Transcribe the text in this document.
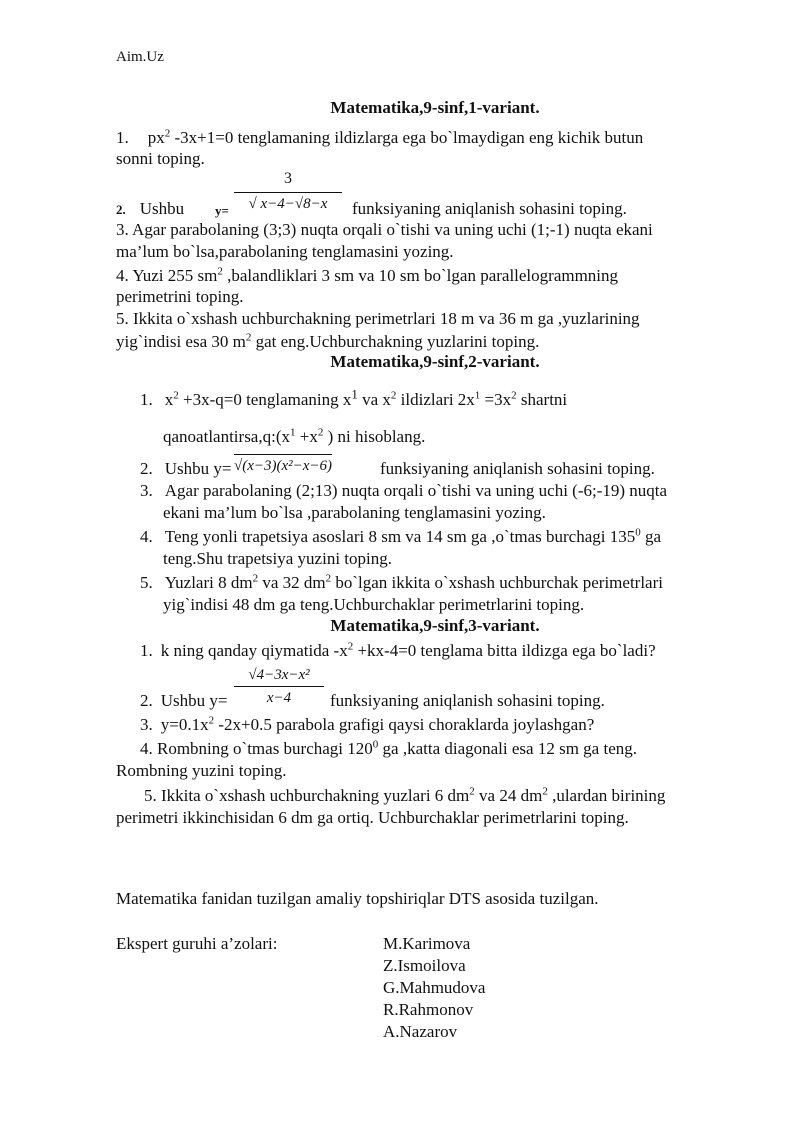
Aim.Uz
Matematika,9-sinf,1-variant.
1. $px^2$ -3x+1=0 tenglamaning ildizlarga ega bo`lmaydigan eng kichik butun
sonni toping.
2. Ushbu $y= \frac{3}{√ x-4-√8-x}$ funksiyaning aniqlanish sohasini toping.
3. Agar parabolaning (3;3) nuqta orqali o`tishi va uning uchi (1;-1) nuqta ekani
ma’lum bo`lsa,parabolaning tenglamasini yozing.
4. Yuzi 255 $sm^2$ ,balandliklari 3 sm va 10 sm bo`lgan parallelogrammning
perimetrini toping.
5. Ikkita o`xshash uchburchakning perimetrlari 18 m va 36 m ga ,yuzlarining
yig`indisi esa 30 $m^2$ gat eng.Uchburchakning yuzlarini toping.
Matematika,9-sinf,2-variant.
1. $x^2 +3x-q=0$ tenglamaning $x^1$ va $x^2$ ildizlari $2x^1 =3x^2$ shartni
$qanoatlantirsa,q:(x^1 +x^2$ ) ni hisoblang.
2. Ushbu y= √(x−3)(x²−x−6)	funksiyaning aniqlanish sohasini toping.
3. Agar parabolaning (2;13) nuqta orqali o`tishi va uning uchi (-6;-19) nuqta
ekani ma’lum bo`lsa ,parabolaning tenglamasini yozing.
4. Teng yonli trapetsiya asoslari 8 sm va 14 sm ga ,o`tmas burchagi $135^0$ ga
teng.Shu trapetsiya yuzini toping.
5. Yuzlari 8 $dm^2$ va 32 $dm^2$ bo`lgan ikkita o`xshash uchburchak perimetrlari
yig`indisi 48 dm ga teng.Uchburchaklar perimetrlarini toping.
Matematika,9-sinf,3-variant.
1. k ning qanday qiymatida $-x^2 +kx-4=0$ tenglama bitta ildizga ega bo`ladi?
2. Ushbu $y= \frac{\text{√4−3x−x²}}{x-4}$ funksiyaning aniqlanish sohasini toping.
3. $y=0.1x^2$ -2x+0.5 parabola grafigi qaysi choraklarda joylashgan?
4. Rombning o`tmas burchagi $120^0$ ga ,katta diagonali esa 12 sm ga teng.
Rombning yuzini toping.
5. Ikkita o`xshash uchburchakning yuzlari 6 $dm^2$ va 24 $dm^2$ ,ulardan birining
perimetri ikkinchisidan 6 dm ga ortiq. Uchburchaklar perimetrlarini toping.
Matematika fanidan tuzilgan amaliy topshiriqlar DTS asosida tuzilgan.
Ekspert guruhi a’zolari:	M.Karimova
Z.Ismoilova
G.Mahmudova
R.Rahmonov
A.Nazarov
